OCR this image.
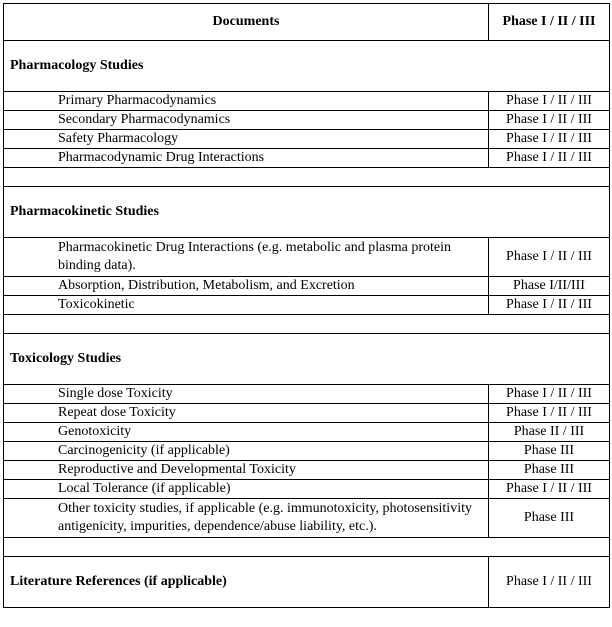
Documents	Phase I / II / III
Pharmacology Studies	
Primary Pharmacodynamics	Phase I / II / III
Secondary Pharmacodynamics	Phase I / II / III
Safety Pharmacology	Phase I / II / III
Pharmacodynamic Drug Interactions	Phase I / II / III

Pharmacokinetic Studies	
Pharmacokinetic Drug Interactions (e.g. metabolic and plasma protein binding data).	Phase I / II / III
Absorption, Distribution, Metabolism, and Excretion	Phase I/II/III
Toxicokinetic	Phase I / II / III

Toxicology Studies	
Single dose Toxicity	Phase I / II / III
Repeat dose Toxicity	Phase I / II / III
Genotoxicity	Phase II / III
Carcinogenicity (if applicable)	Phase III
Reproductive and Developmental Toxicity	Phase III
Local Tolerance (if applicable)	Phase I / II / III
Other toxicity studies, if applicable (e.g. immunotoxicity, photosensitivity antigenicity, impurities, dependence/abuse liability, etc.).	Phase III

Literature References (if applicable)	Phase I / II / III
